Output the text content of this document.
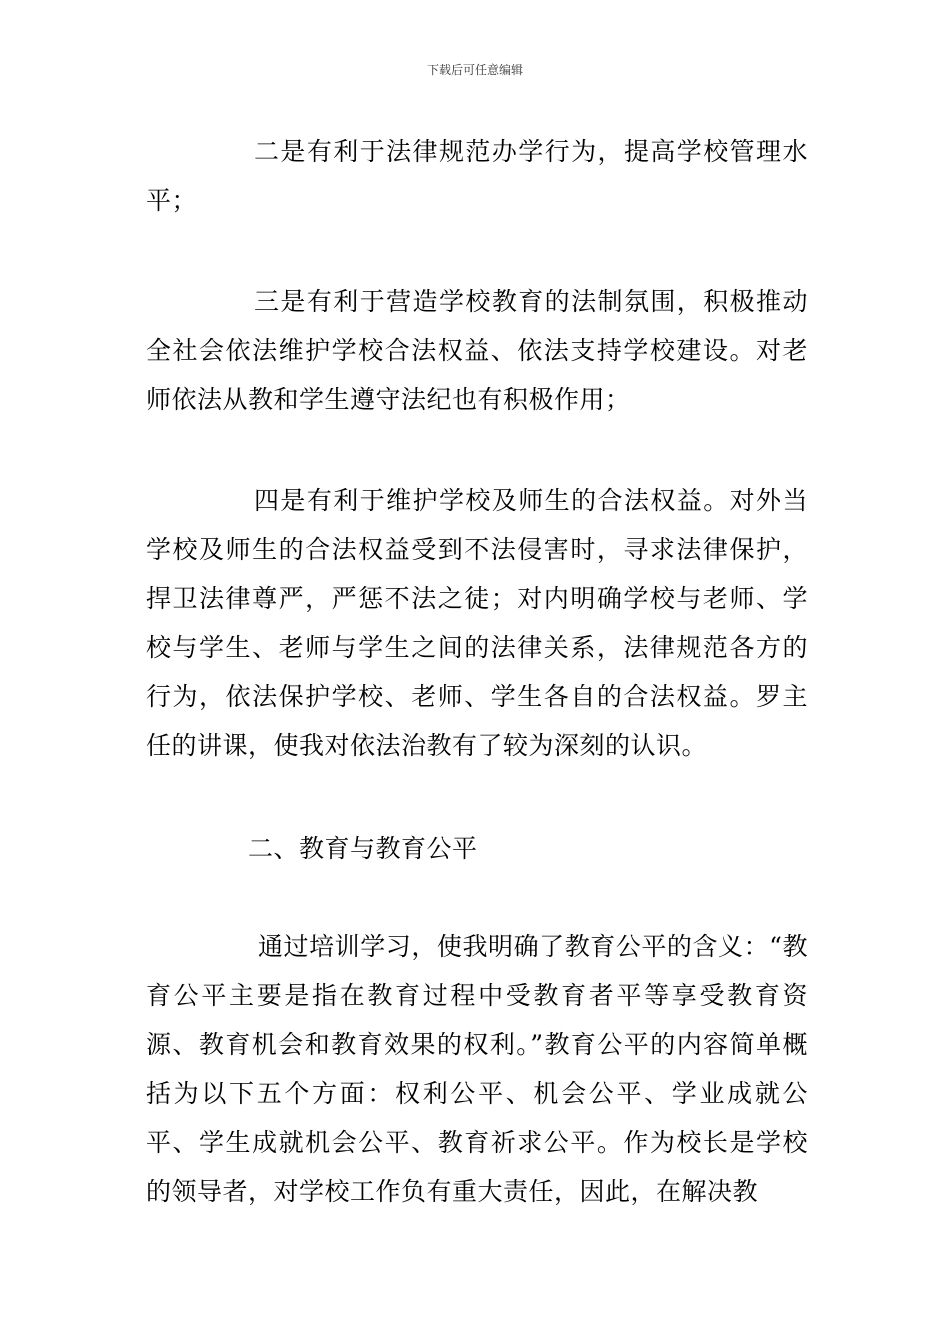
下载后可任意编辑

二是有利于法律规范办学行为，提高学校管理水平；

三是有利于营造学校教育的法制氛围，积极推动全社会依法维护学校合法权益、依法支持学校建设。对老师依法从教和学生遵守法纪也有积极作用；

四是有利于维护学校及师生的合法权益。对外当学校及师生的合法权益受到不法侵害时，寻求法律保护，捍卫法律尊严，严惩不法之徒；对内明确学校与老师、学校与学生、老师与学生之间的法律关系，法律规范各方的行为，依法保护学校、老师、学生各自的合法权益。罗主任的讲课，使我对依法治教有了较为深刻的认识。

二、教育与教育公平

通过培训学习，使我明确了教育公平的含义：“教育公平主要是指在教育过程中受教育者平等享受教育资源、教育机会和教育效果的权利。”教育公平的内容简单概括为以下五个方面：权利公平、机会公平、学业成就公平、学生成就机会公平、教育祈求公平。作为校长是学校的领导者，对学校工作负有重大责任，因此，在解决教
